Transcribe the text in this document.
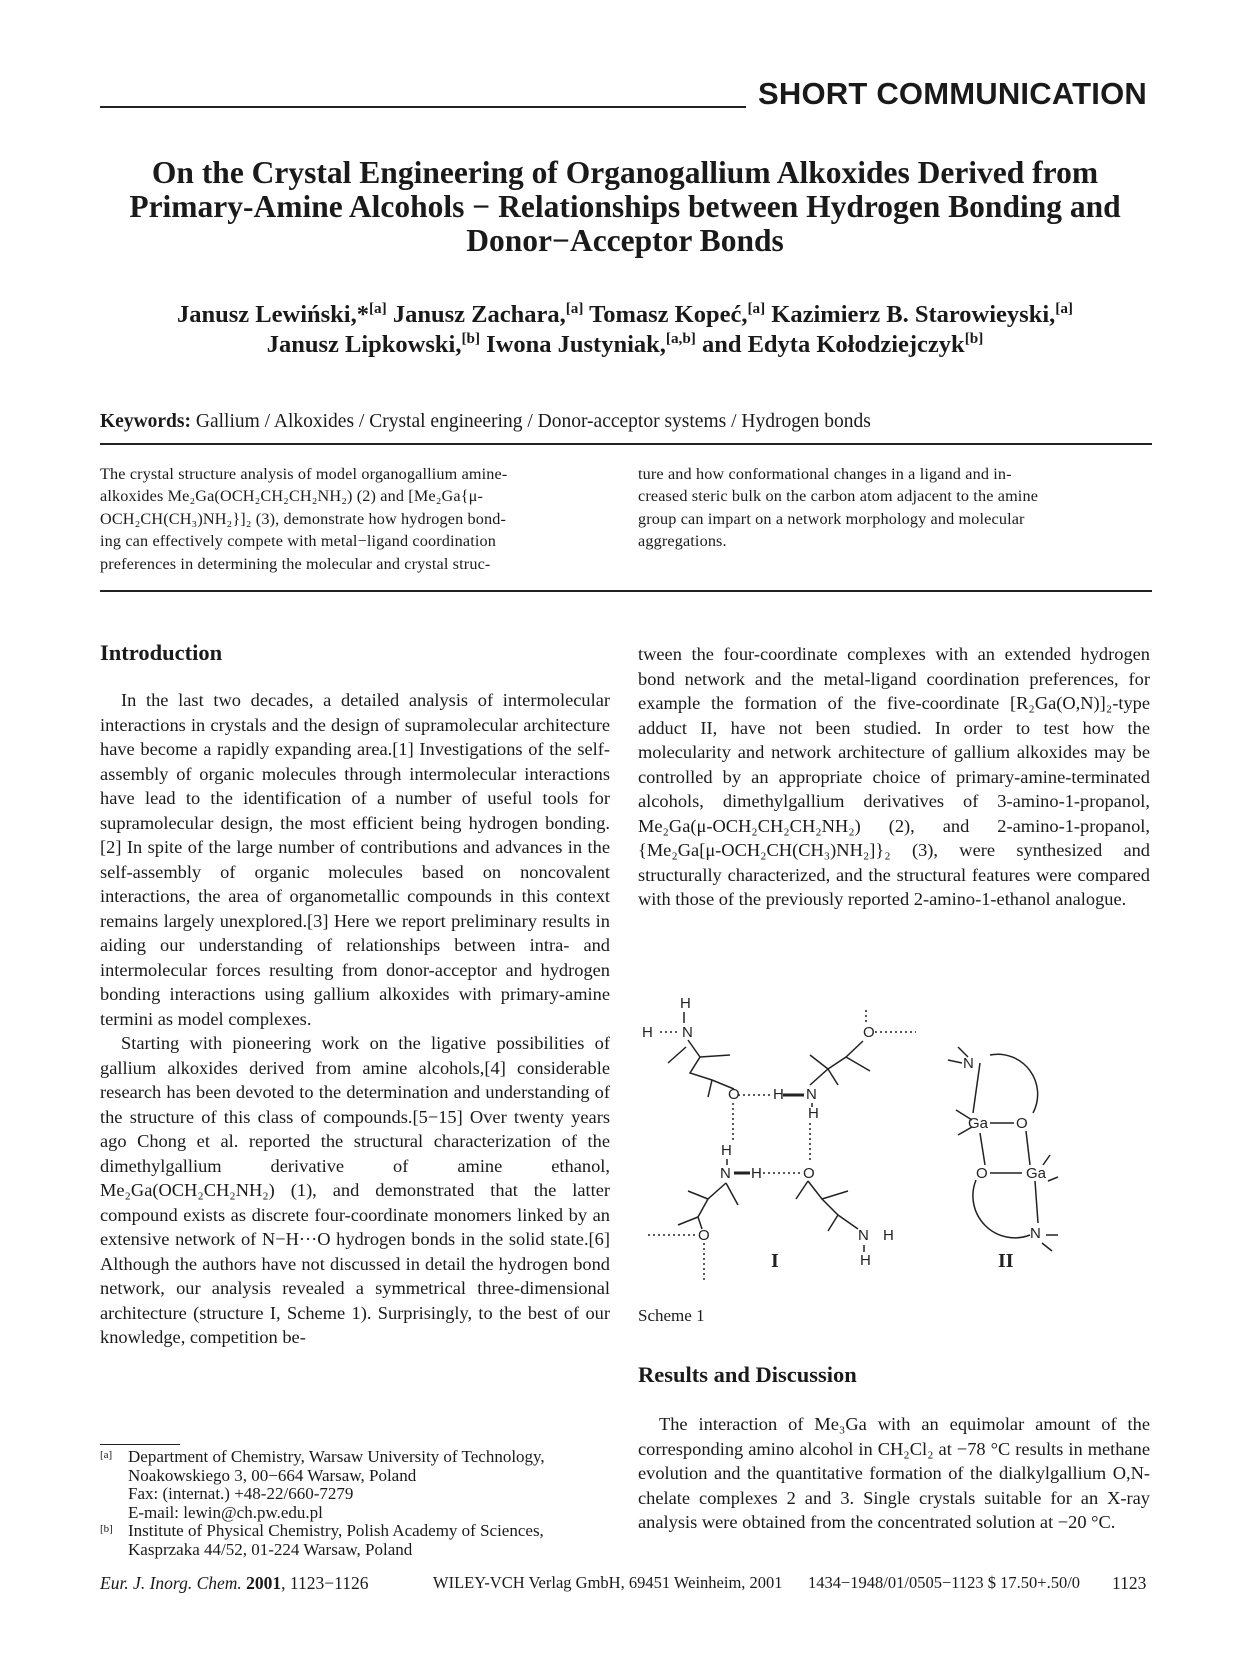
SHORT COMMUNICATION
On the Crystal Engineering of Organogallium Alkoxides Derived from
Primary-Amine Alcohols − Relationships between Hydrogen Bonding and
Donor−Acceptor Bonds
Janusz Lewiński,*[a] Janusz Zachara,[a] Tomasz Kopeć,[a] Kazimierz B. Starowieyski,[a]
Janusz Lipkowski,[b] Iwona Justyniak,[a,b] and Edyta Kołodziejczyk[b]
Keywords: Gallium / Alkoxides / Crystal engineering / Donor-acceptor systems / Hydrogen bonds
The crystal structure analysis of model organogallium amine-
alkoxides Me₂Ga(OCH₂CH₂CH₂NH₂) (2) and [Me₂Ga{μ-
OCH₂CH(CH₃)NH₂}]₂ (3), demonstrate how hydrogen bond-
ing can effectively compete with metal−ligand coordination
preferences in determining the molecular and crystal struc-
ture and how conformational changes in a ligand and in-
creased steric bulk on the carbon atom adjacent to the amine
group can impart on a network morphology and molecular
aggregations.
Introduction

In the last two decades, a detailed analysis of intermolecular interactions in crystals and the design of supramolecular architecture have become a rapidly expanding area.[1] Investigations of the self-assembly of organic molecules through intermolecular interactions have lead to the identification of a number of useful tools for supramolecular design, the most efficient being hydrogen bonding.[2] In spite of the large number of contributions and advances in the self-assembly of organic molecules based on noncovalent interactions, the area of organometallic compounds in this context remains largely unexplored.[3] Here we report preliminary results in aiding our understanding of relationships between intra- and intermolecular forces resulting from donor-acceptor and hydrogen bonding interactions using gallium alkoxides with primary-amine termini as model complexes.

Starting with pioneering work on the ligative possibilities of gallium alkoxides derived from amine alcohols,[4] considerable research has been devoted to the determination and understanding of the structure of this class of compounds.[5−15] Over twenty years ago Chong et al. reported the structural characterization of the dimethylgallium derivative of amine ethanol, Me₂Ga(OCH₂CH₂NH₂) (1), and demonstrated that the latter compound exists as discrete four-coordinate monomers linked by an extensive network of N−H···O hydrogen bonds in the solid state.[6] Although the authors have not discussed in detail the hydrogen bond network, our analysis revealed a symmetrical three-dimensional architecture (structure I, Scheme 1). Surprisingly, to the best of our knowledge, competition be-

tween the four-coordinate complexes with an extended hydrogen bond network and the metal-ligand coordination preferences, for example the formation of the five-coordinate [R₂Ga(O,N)]₂-type adduct II, have not been studied. In order to test how the molecularity and network architecture of gallium alkoxides may be controlled by an appropriate choice of primary-amine-terminated alcohols, dimethylgallium derivatives of 3-amino-1-propanol, Me₂Ga(μ-OCH₂CH₂CH₂NH₂) (2), and 2-amino-1-propanol, {Me₂Ga[μ-OCH₂CH(CH₃)NH₂]}₂ (3), were synthesized and structurally characterized, and the structural features were compared with those of the previously reported 2-amino-1-ethanol analogue.

H
H N	O
O H N
H
H
N H	O
O	N H
H
N
Ga O
O	Ga
N
I	II
Scheme 1
Results and Discussion

The interaction of Me₃Ga with an equimolar amount of the corresponding amino alcohol in CH₂Cl₂ at −78 °C results in methane evolution and the quantitative formation of the dialkylgallium O,N-chelate complexes 2 and 3. Single crystals suitable for an X-ray analysis were obtained from the concentrated solution at −20 °C.

[a] Department of Chemistry, Warsaw University of Technology,
Noakowskiego 3, 00−664 Warsaw, Poland
Fax: (internat.) +48-22/660-7279
E-mail: lewin@ch.pw.edu.pl
[b] Institute of Physical Chemistry, Polish Academy of Sciences,
Kasprzaka 44/52, 01-224 Warsaw, Poland
Eur. J. Inorg. Chem. 2001, 1123−1126	WILEY-VCH Verlag GmbH, 69451 Weinheim, 2001 1434−1948/01/0505−1123 $ 17.50+.50/0 1123
